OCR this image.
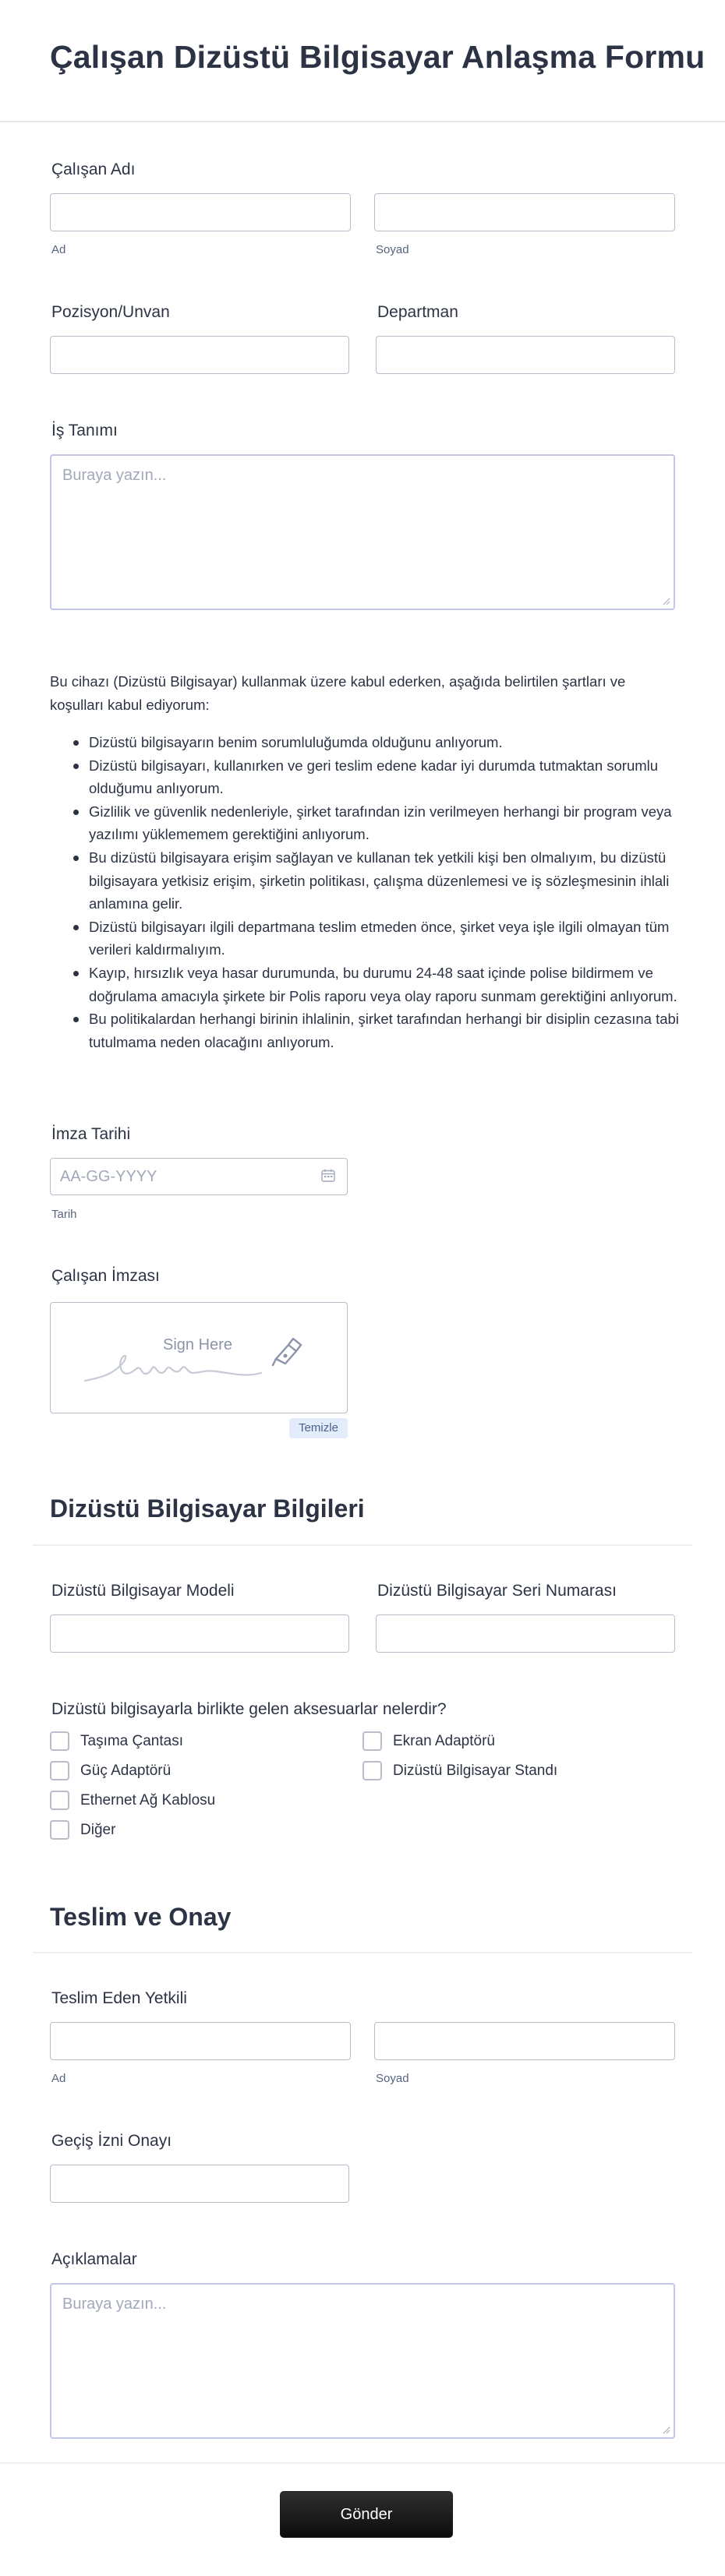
Çalışan Dizüstü Bilgisayar Anlaşma Formu
Çalışan Adı
Ad	Soyad
Pozisyon/Unvan	Departman
İş Tanımı
Buraya yazın...
Bu cihazı (Dizüstü Bilgisayar) kullanmak üzere kabul ederken, aşağıda belirtilen şartları ve koşulları kabul ediyorum:
Dizüstü bilgisayarın benim sorumluluğumda olduğunu anlıyorum.
Dizüstü bilgisayarı, kullanırken ve geri teslim edene kadar iyi durumda tutmaktan sorumlu olduğumu anlıyorum.
Gizlilik ve güvenlik nedenleriyle, şirket tarafından izin verilmeyen herhangi bir program veya yazılımı yüklememem gerektiğini anlıyorum.
Bu dizüstü bilgisayara erişim sağlayan ve kullanan tek yetkili kişi ben olmalıyım, bu dizüstü bilgisayara yetkisiz erişim, şirketin politikası, çalışma düzenlemesi ve iş sözleşmesinin ihlali anlamına gelir.
Dizüstü bilgisayarı ilgili departmana teslim etmeden önce, şirket veya işle ilgili olmayan tüm verileri kaldırmalıyım.
Kayıp, hırsızlık veya hasar durumunda, bu durumu 24-48 saat içinde polise bildirmem ve doğrulama amacıyla şirkete bir Polis raporu veya olay raporu sunmam gerektiğini anlıyorum.
Bu politikalardan herhangi birinin ihlalinin, şirket tarafından herhangi bir disiplin cezasına tabi tutulmama neden olacağını anlıyorum.
İmza Tarihi
AA-GG-YYYY
Tarih
Çalışan İmzası
Sign Here
Temizle
Dizüstü Bilgisayar Bilgileri
Dizüstü Bilgisayar Modeli	Dizüstü Bilgisayar Seri Numarası
Dizüstü bilgisayarla birlikte gelen aksesuarlar nelerdir?
Taşıma Çantası	Ekran Adaptörü
Güç Adaptörü	Dizüstü Bilgisayar Standı
Ethernet Ağ Kablosu
Diğer
Teslim ve Onay
Teslim Eden Yetkili
Ad	Soyad
Geçiş İzni Onayı
Açıklamalar
Buraya yazın...
Gönder
